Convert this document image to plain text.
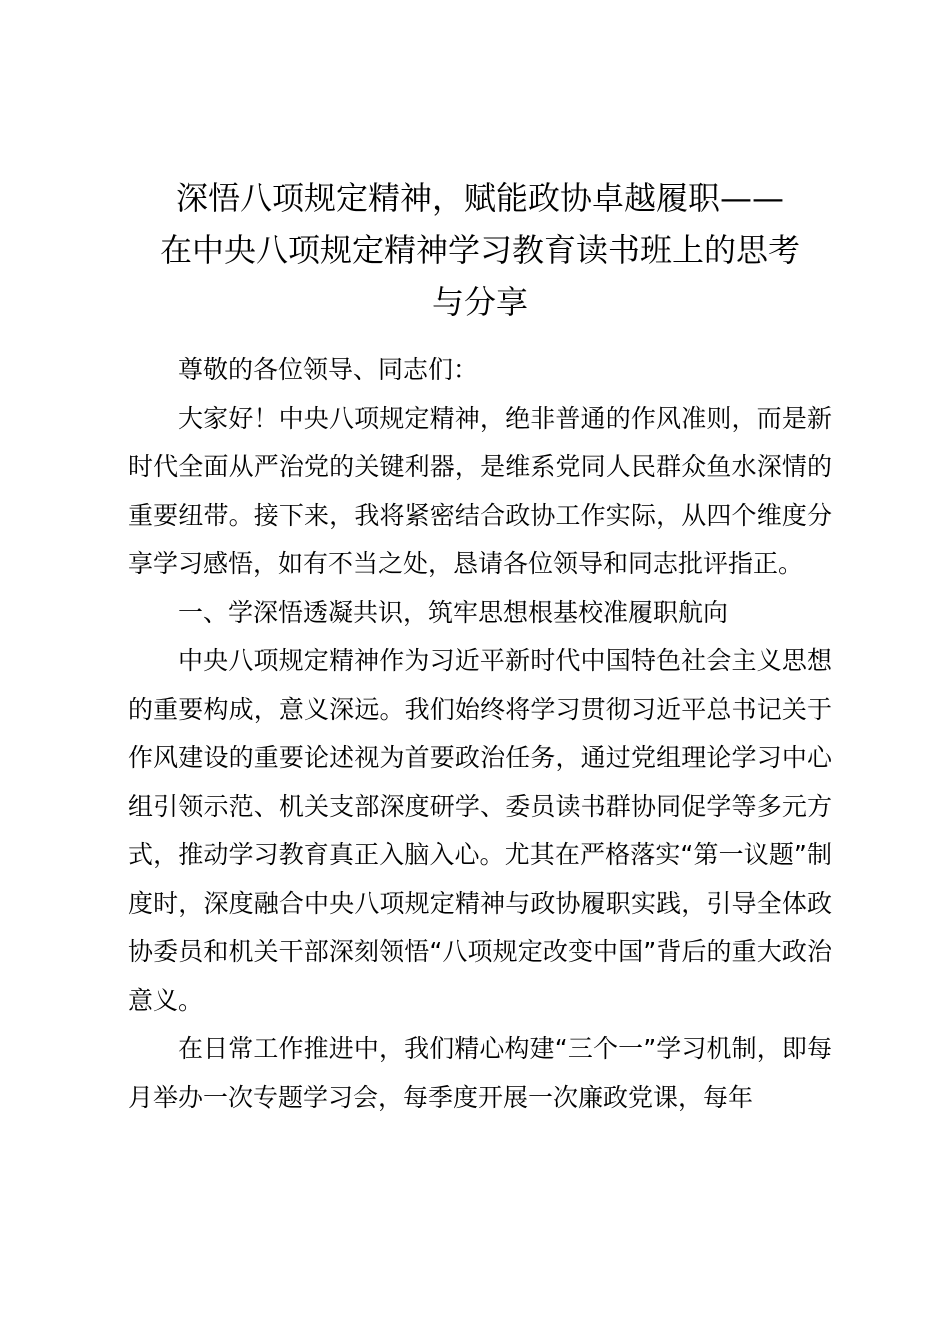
深悟八项规定精神，赋能政协卓越履职——
在中央八项规定精神学习教育读书班上的思考
与分享

尊敬的各位领导、同志们：

大家好！中央八项规定精神，绝非普通的作风准则，而是新时代全面从严治党的关键利器，是维系党同人民群众鱼水深情的重要纽带。接下来，我将紧密结合政协工作实际，从四个维度分享学习感悟，如有不当之处，恳请各位领导和同志批评指正。

一、学深悟透凝共识，筑牢思想根基校准履职航向

中央八项规定精神作为习近平新时代中国特色社会主义思想的重要构成，意义深远。我们始终将学习贯彻习近平总书记关于作风建设的重要论述视为首要政治任务，通过党组理论学习中心组引领示范、机关支部深度研学、委员读书群协同促学等多元方式，推动学习教育真正入脑入心。尤其在严格落实“第一议题”制度时，深度融合中央八项规定精神与政协履职实践，引导全体政协委员和机关干部深刻领悟“八项规定改变中国”背后的重大政治意义。

在日常工作推进中，我们精心构建“三个一”学习机制，即每月举办一次专题学习会，每季度开展一次廉政党课，每年
